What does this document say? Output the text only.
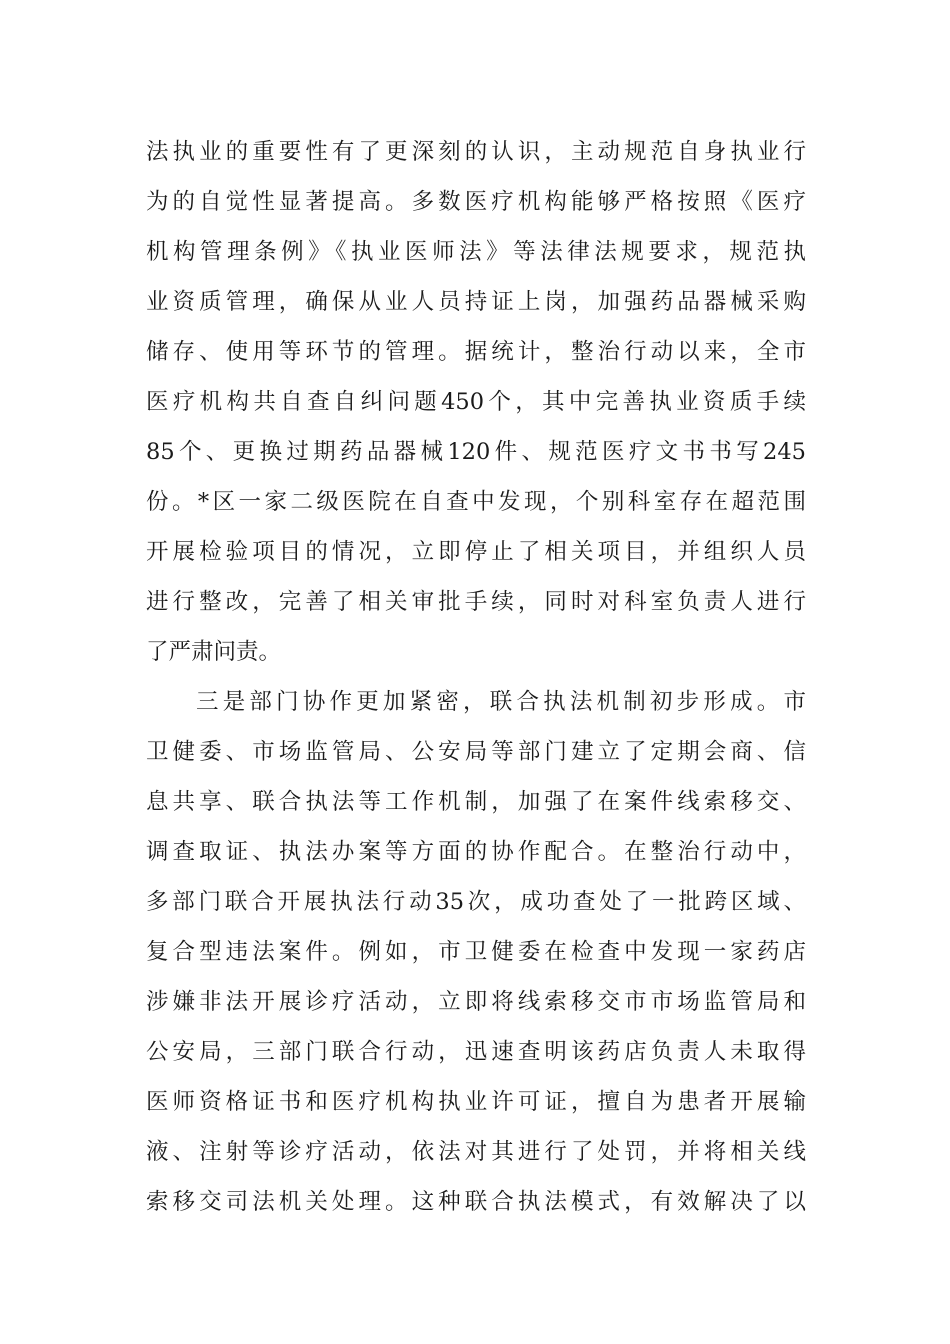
法执业的重要性有了更深刻的认识，主动规范自身执业行
为的自觉性显著提高。多数医疗机构能够严格按照《医疗
机构管理条例》《执业医师法》等法律法规要求，规范执
业资质管理，确保从业人员持证上岗，加强药品器械采购
储存、使用等环节的管理。据统计，整治行动以来，全市
医疗机构共自查自纠问题450个，其中完善执业资质手续
85个、更换过期药品器械120件、规范医疗文书书写245
份。*区一家二级医院在自查中发现，个别科室存在超范围
开展检验项目的情况，立即停止了相关项目，并组织人员
进行整改，完善了相关审批手续，同时对科室负责人进行
了严肃问责。
三是部门协作更加紧密，联合执法机制初步形成。市
卫健委、市场监管局、公安局等部门建立了定期会商、信
息共享、联合执法等工作机制，加强了在案件线索移交、
调查取证、执法办案等方面的协作配合。在整治行动中，
多部门联合开展执法行动35次，成功查处了一批跨区域、
复合型违法案件。例如，市卫健委在检查中发现一家药店
涉嫌非法开展诊疗活动，立即将线索移交市市场监管局和
公安局，三部门联合行动，迅速查明该药店负责人未取得
医师资格证书和医疗机构执业许可证，擅自为患者开展输
液、注射等诊疗活动，依法对其进行了处罚，并将相关线
索移交司法机关处理。这种联合执法模式，有效解决了以
